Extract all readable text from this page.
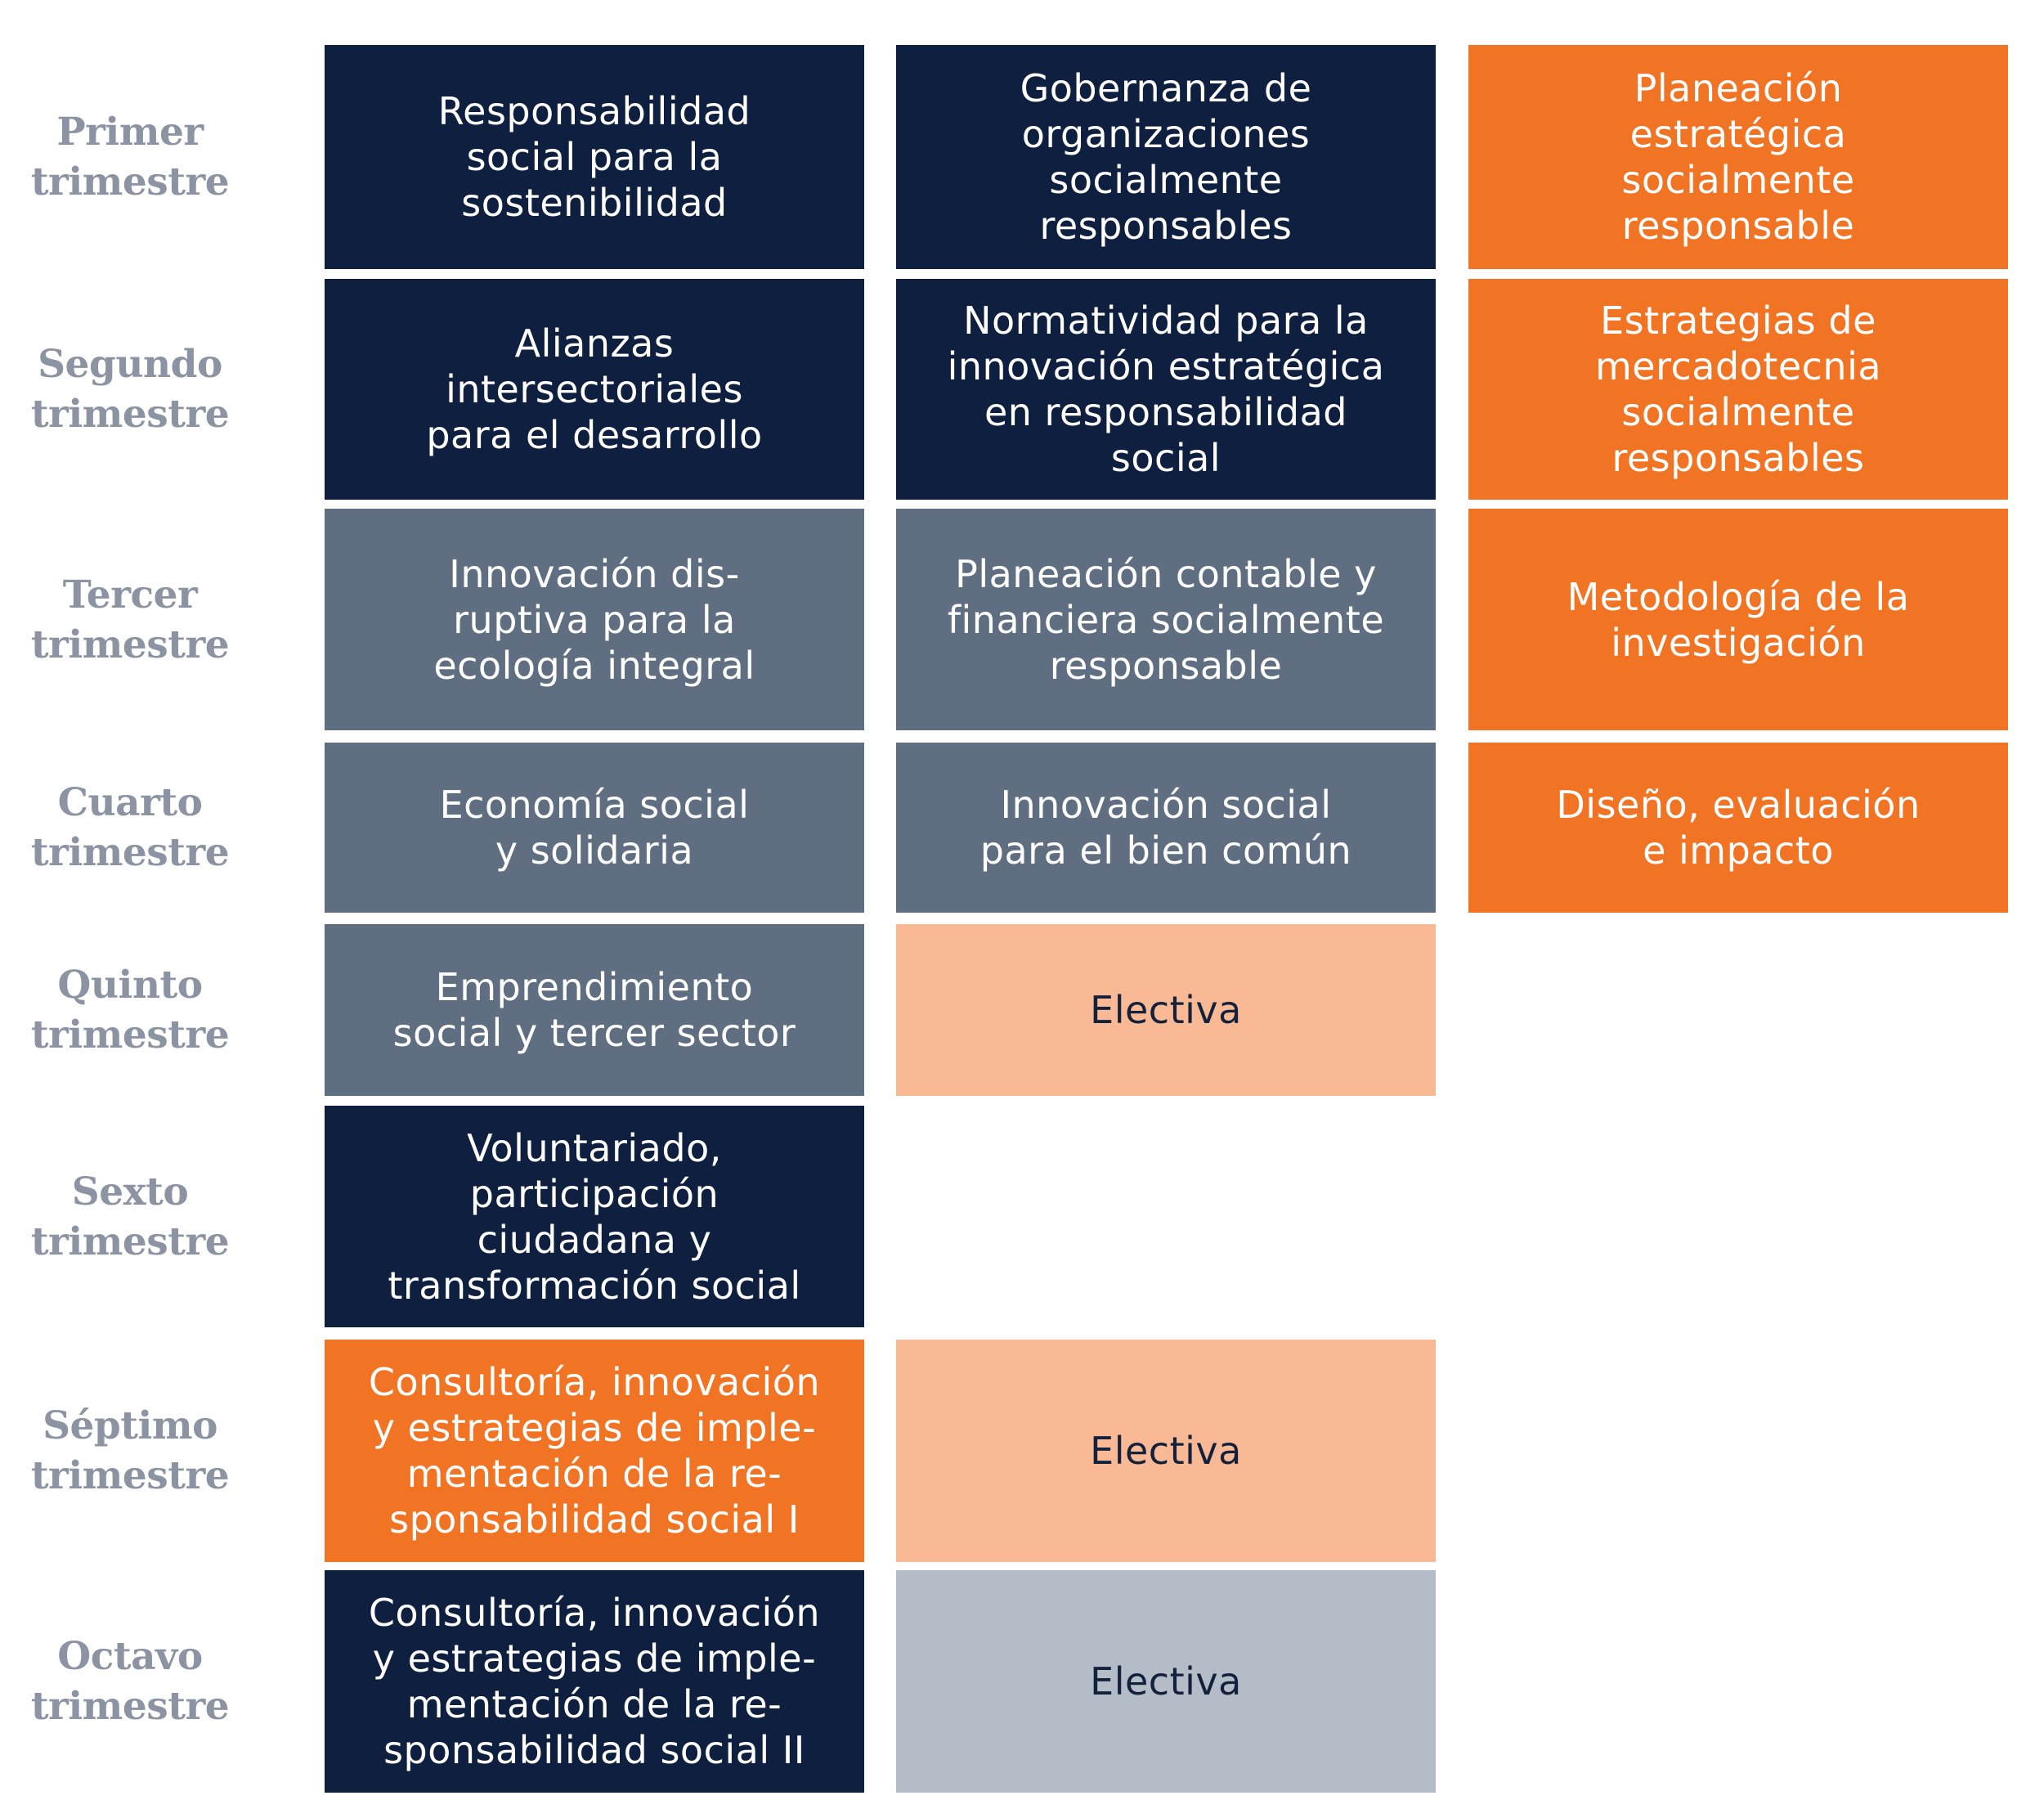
Primer
trimestre
Responsabilidad
social para la
sostenibilidad
Gobernanza de
organizaciones
socialmente
responsables
Planeación
estratégica
socialmente
responsable
Segundo
trimestre
Alianzas
intersectoriales
para el desarrollo
Normatividad para la
innovación estratégica
en responsabilidad
social
Estrategias de
mercadotecnia
socialmente
responsables
Tercer
trimestre
Innovación dis-
ruptiva para la
ecología integral
Planeación contable y
financiera socialmente
responsable
Metodología de la
investigación
Cuarto
trimestre
Economía social
y solidaria
Innovación social
para el bien común
Diseño, evaluación
e impacto
Quinto
trimestre
Emprendimiento
social y tercer sector
Electiva
Sexto
trimestre
Voluntariado,
participación
ciudadana y
transformación social
Séptimo
trimestre
Consultoría, innovación
y estrategias de imple-
mentación de la re-
sponsabilidad social I
Electiva
Octavo
trimestre
Consultoría, innovación
y estrategias de imple-
mentación de la re-
sponsabilidad social II
Electiva
